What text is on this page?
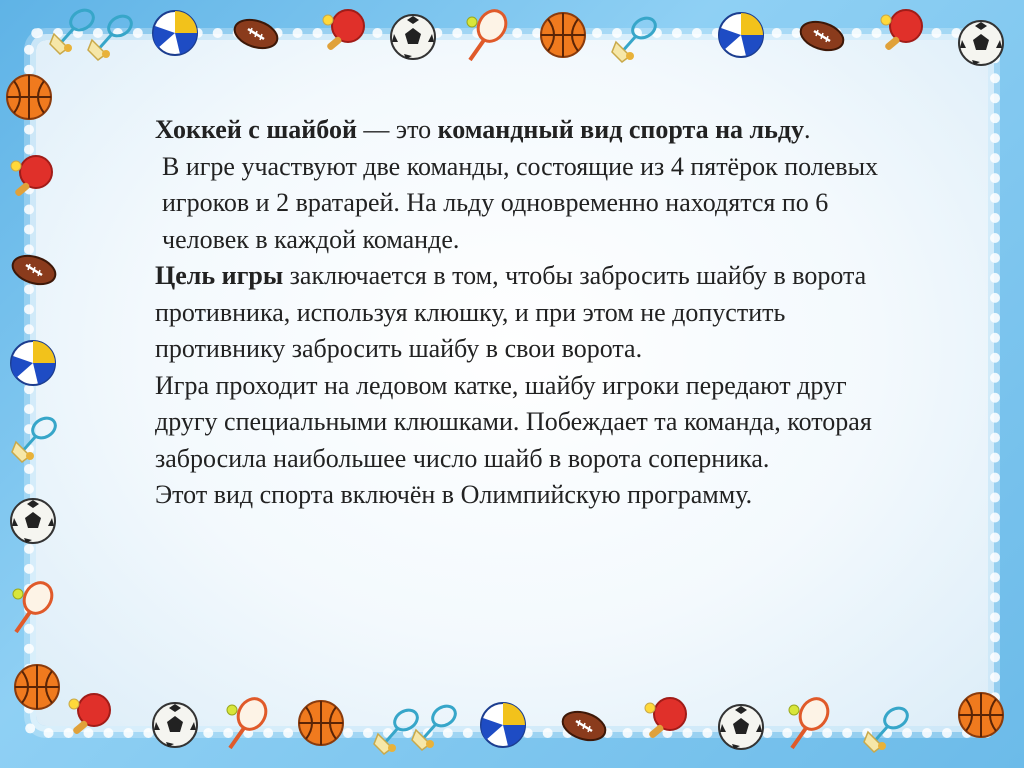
Хоккей с шайбой — это командный вид спорта на льду.

В игре участвуют две команды, состоящие из 4 пятёрок полевых игроков и 2 вратарей. На льду одновременно находятся по 6 человек в каждой команде.

Цель игры заключается в том, чтобы забросить шайбу в ворота противника, используя клюшку, и при этом не допустить противнику забросить шайбу в свои ворота.

Игра проходит на ледовом катке, шайбу игроки передают друг другу специальными клюшками. Побеждает та команда, которая забросила наибольшее число шайб в ворота соперника.

Этот вид спорта включён в Олимпийскую программу.
